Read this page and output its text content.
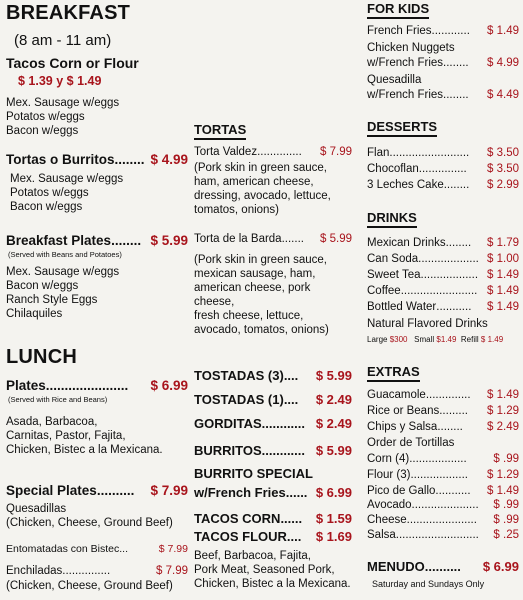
BREAKFAST
(8 am - 11 am)
Tacos Corn or Flour
$ 1.39 y $ 1.49
Mex. Sausage w/eggs
Potatos w/eggs
Bacon w/eggs
Tortas o Burritos ........ $ 4.99
Mex. Sausage w/eggs
Potatos w/eggs
Bacon w/eggs
Breakfast Plates ........ $ 5.99
(Served with Beans and Potatoes)
Mex. Sausage w/eggs
Bacon w/eggs
Ranch Style Eggs
Chilaquiles
LUNCH
Plates ......................	$ 6.99
(Served with Rice and Beans)
Asada, Barbacoa,
Carnitas, Pastor, Fajita,
Chicken, Bistec a la Mexicana.
Special Plates ..........	$ 7.99
Quesadillas
(Chicken, Cheese, Ground Beef)
Entomatadas con Bistec ...	$ 7.99
Enchiladas ...............	$ 7.99
(Chicken, Cheese, Ground Beef)
TORTAS
Torta Valdez ..............	$ 7.99
(Pork skin in green sauce,
ham, american cheese,
dressing, avocado, lettuce,
tomatos, onions)
Torta de la Barda .......	$ 5.99
(Pork skin in green sauce,
mexican sausage, ham,
american cheese, pork cheese,
fresh cheese, lettuce,
avocado, tomatos, onions)
TOSTADAS (3) ....	$ 5.99
TOSTADAS (1) ....	$ 2.49
GORDITAS ............ $ 2.49
BURRITOS ............ $ 5.99
BURRITO SPECIAL
w/French Fries ...... $ 6.99
TACOS CORN ......	$ 1.59
TACOS FLOUR ....	$ 1.69
Beef, Barbacoa, Fajita,
Pork Meat, Seasoned Pork,
Chicken, Bistec a la Mexicana.
FOR KIDS
French Fries ............	$ 1.49
Chicken Nuggets
w/French Fries ........	$ 4.99
Quesadilla
w/French Fries ........	$ 4.49
DESSERTS
Flan .........................	$ 3.50
Chocoflan ...............	$ 3.50
3 Leches Cake ........	$ 2.99
DRINKS
Mexican Drinks ........	$ 1.79
Can Soda ................... $ 1.00
Sweet Tea .................. $ 1.49
Coffee ........................ $ 1.49
Bottled Water ...........	$ 1.49
Natural Flavored Drinks
Large $300 Small $1.49 Refill $ 1.49
EXTRAS
Guacamole ..............	$ 1.49
Rice or Beans .........	$ 1.29
Chips y Salsa ........	$ 2.49
Order de Tortillas
Corn (4) ..................	$ .99
Flour (3) ..................	$ 1.29
Pico de Gallo ...........	$ 1.49
Avocado .....................	$ .99
Cheese ......................	$ .99
Salsa ..........................	$ .25
MENUDO ..........	$ 6.99
Saturday and Sundays Only
